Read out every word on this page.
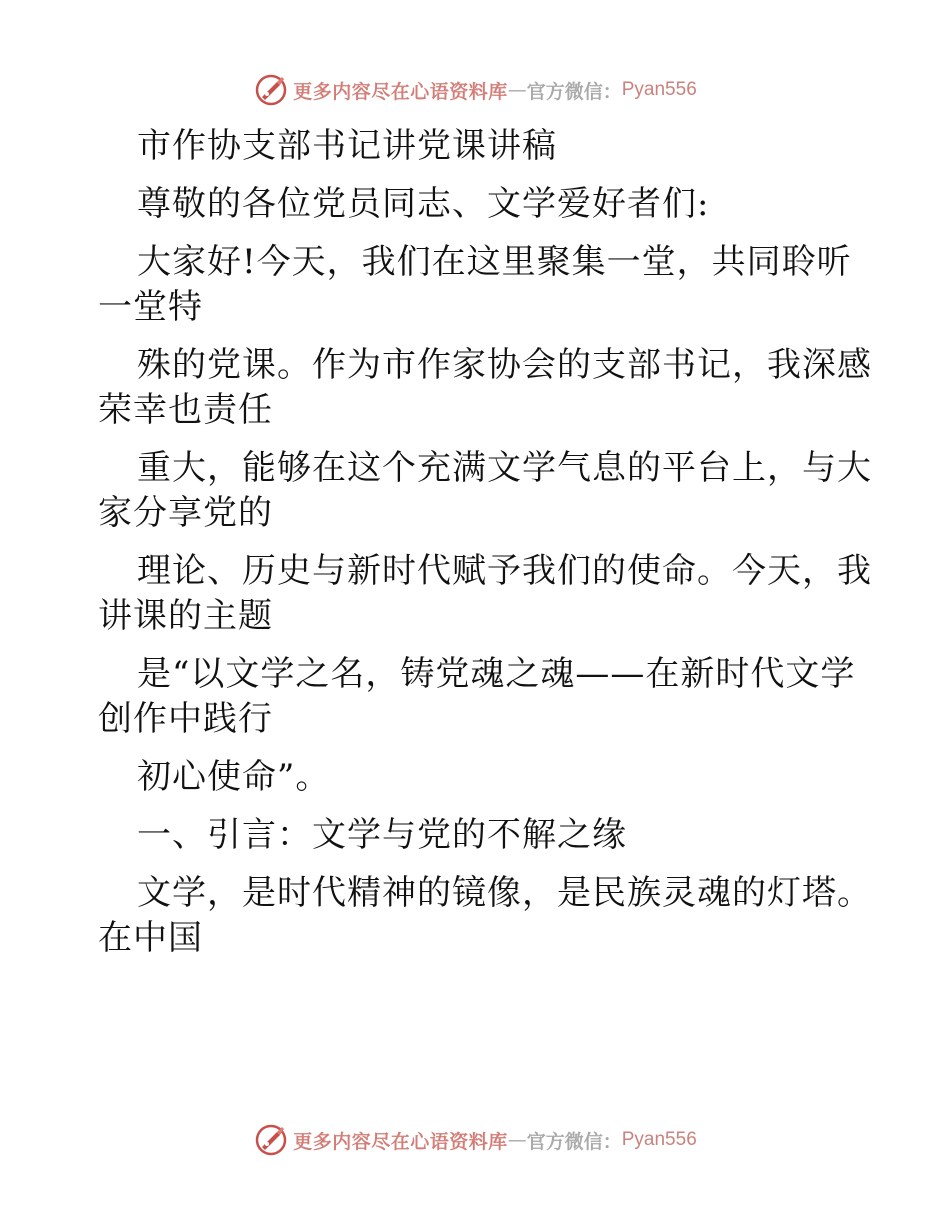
更多内容尽在心语资料库 — 官方微信： Pyan556

市作协支部书记讲党课讲稿

尊敬的各位党员同志、文学爱好者们:

大家好!今天，我们在这里聚集一堂，共同聆听

一堂特

殊的党课。作为市作家协会的支部书记，我深感

荣幸也责任

重大，能够在这个充满文学气息的平台上，与大

家分享党的

理论、历史与新时代赋予我们的使命。今天，我

讲课的主题

是“以文学之名，铸党魂之魂——在新时代文学

创作中践行

初心使命”。

一、引言：文学与党的不解之缘

文学，是时代精神的镜像，是民族灵魂的灯塔。

在中国

更多内容尽在心语资料库 — 官方微信： Pyan556
